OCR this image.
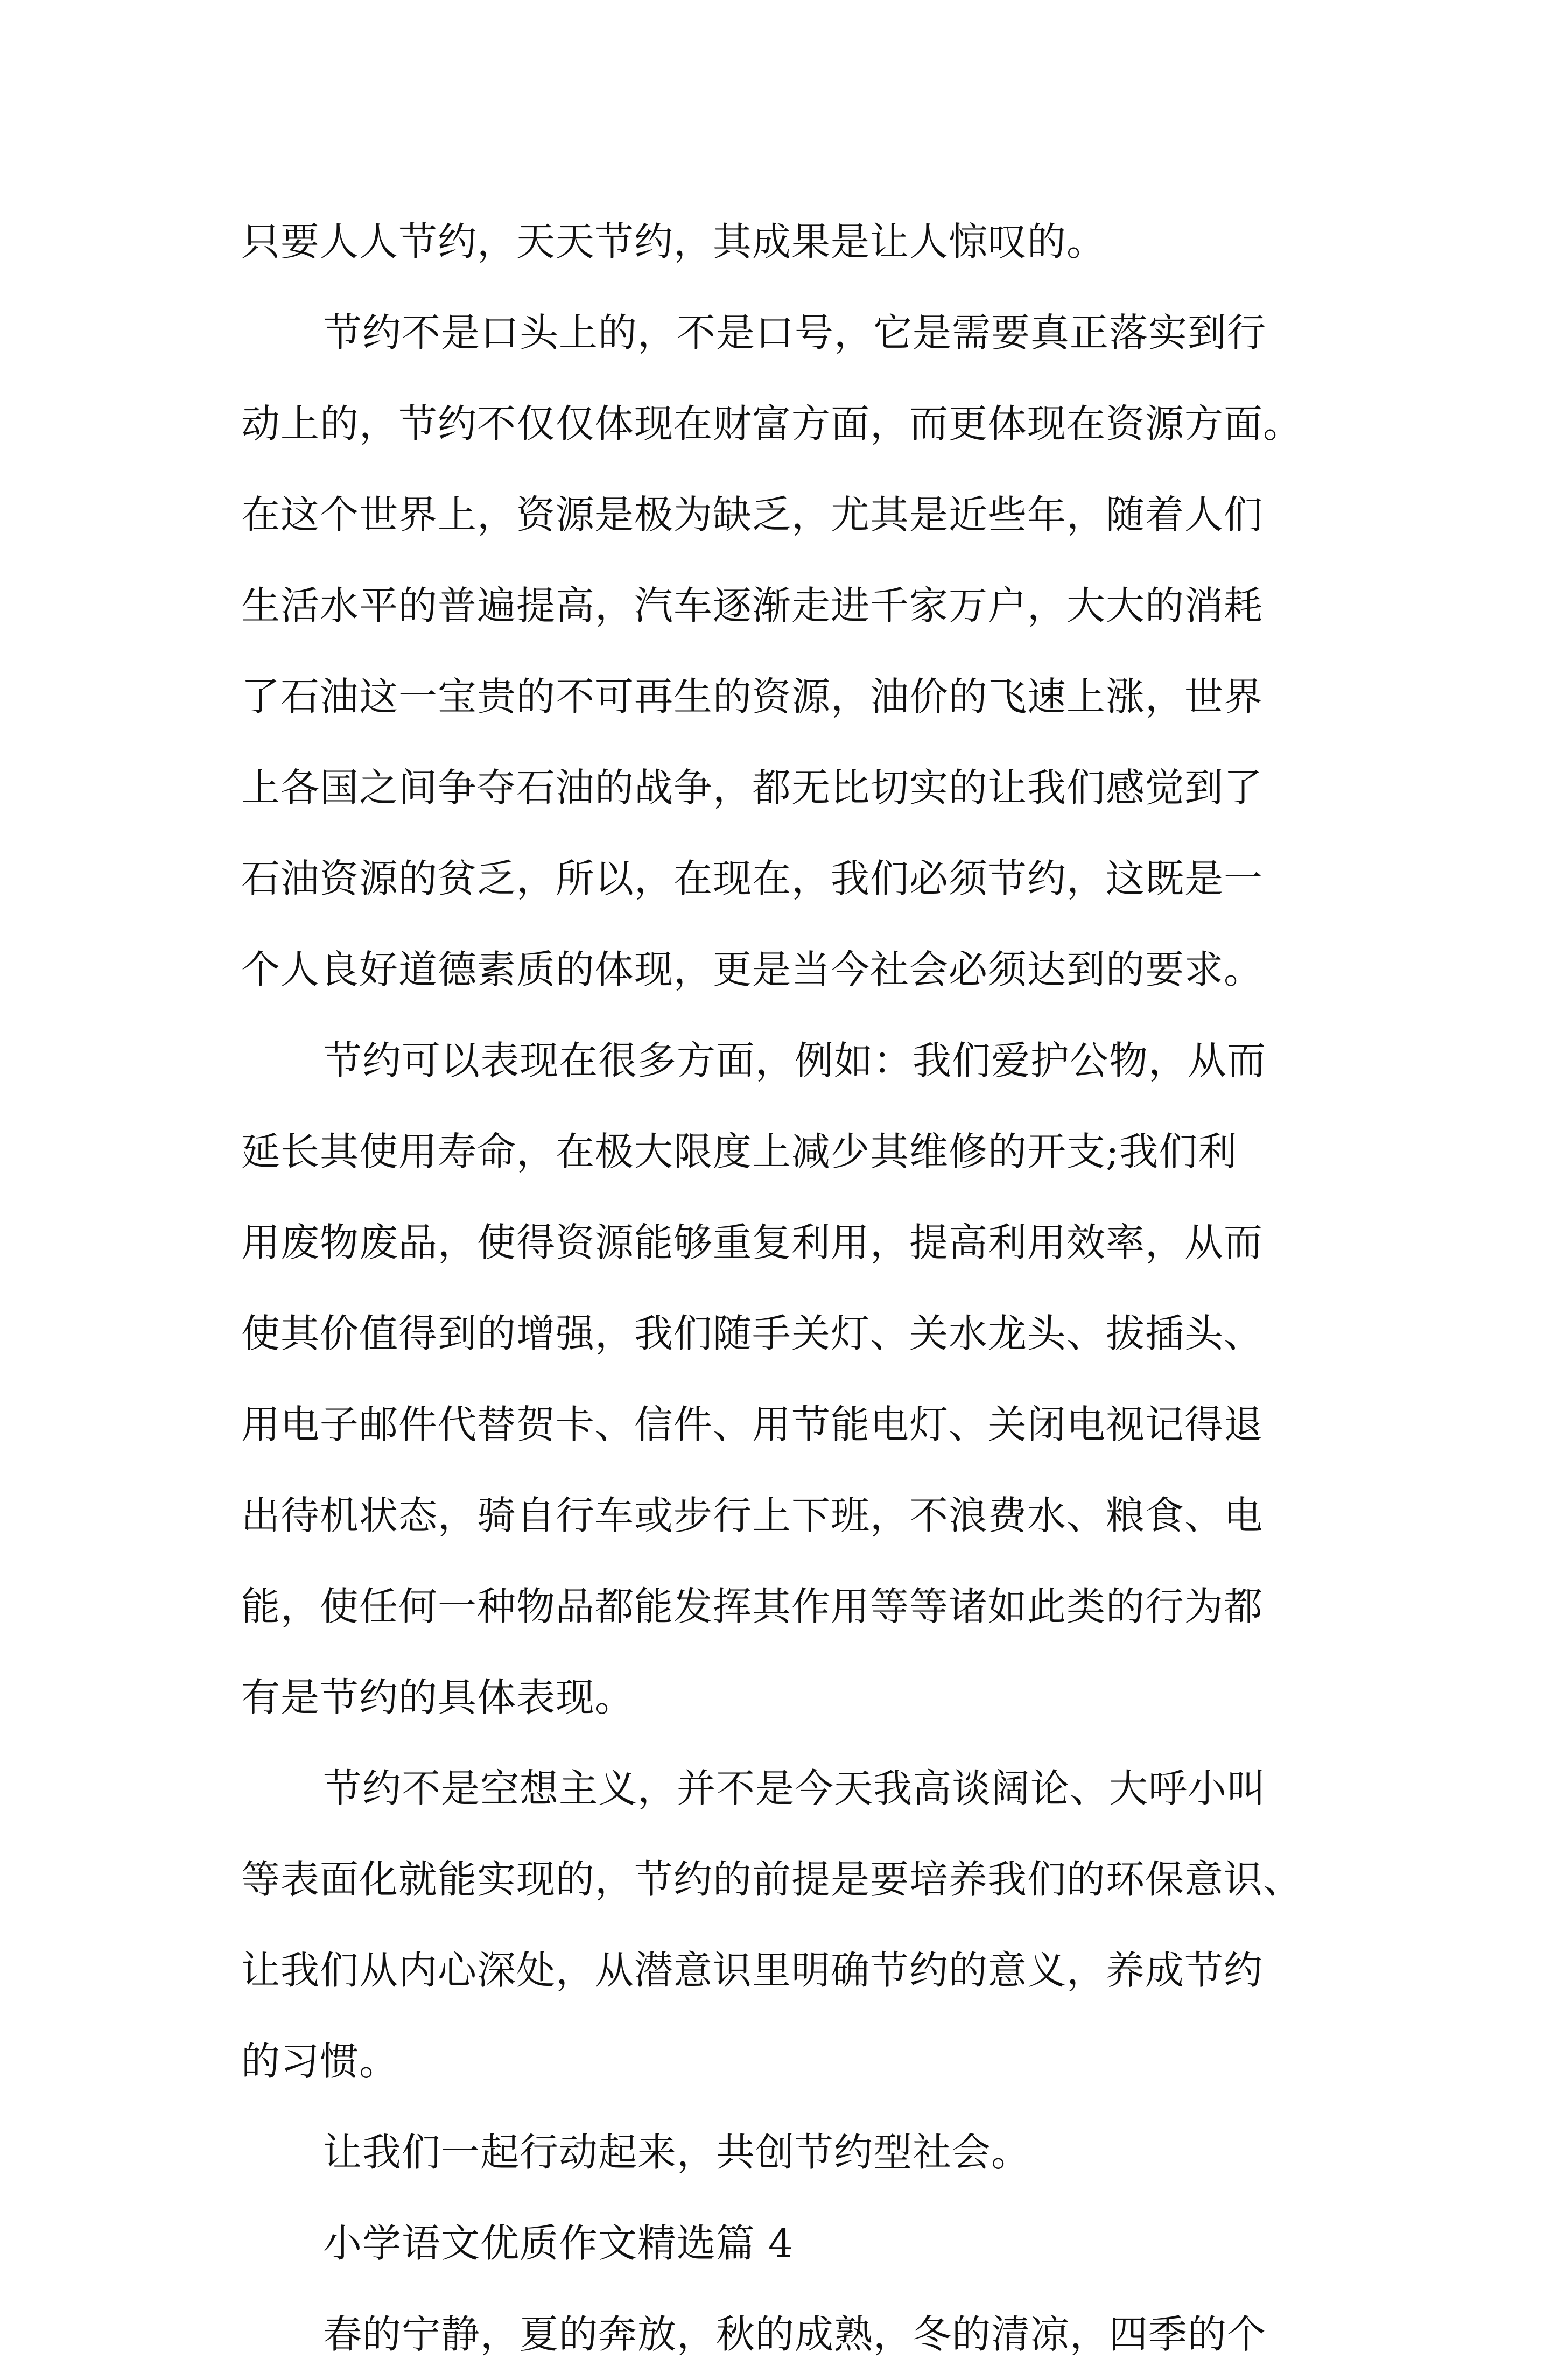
只要人人节约，天天节约，其成果是让人惊叹的。
节约不是口头上的，不是口号，它是需要真正落实到行
动上的，节约不仅仅体现在财富方面，而更体现在资源方面。
在这个世界上，资源是极为缺乏，尤其是近些年，随着人们
生活水平的普遍提高，汽车逐渐走进千家万户，大大的消耗
了石油这一宝贵的不可再生的资源，油价的飞速上涨，世界
上各国之间争夺石油的战争，都无比切实的让我们感觉到了
石油资源的贫乏，所以，在现在，我们必须节约，这既是一
个人良好道德素质的体现，更是当今社会必须达到的要求。
节约可以表现在很多方面，例如：我们爱护公物，从而
延长其使用寿命，在极大限度上减少其维修的开支;我们利
用废物废品，使得资源能够重复利用，提高利用效率，从而
使其价值得到的增强，我们随手关灯、关水龙头、拔插头、
用电子邮件代替贺卡、信件、用节能电灯、关闭电视记得退
出待机状态，骑自行车或步行上下班，不浪费水、粮食、电
能，使任何一种物品都能发挥其作用等等诸如此类的行为都
有是节约的具体表现。
节约不是空想主义，并不是今天我高谈阔论、大呼小叫
等表面化就能实现的，节约的前提是要培养我们的环保意识、
让我们从内心深处，从潜意识里明确节约的意义，养成节约
的习惯。
让我们一起行动起来，共创节约型社会。
小学语文优质作文精选篇 4
春的宁静，夏的奔放，秋的成熟，冬的清凉，四季的个
